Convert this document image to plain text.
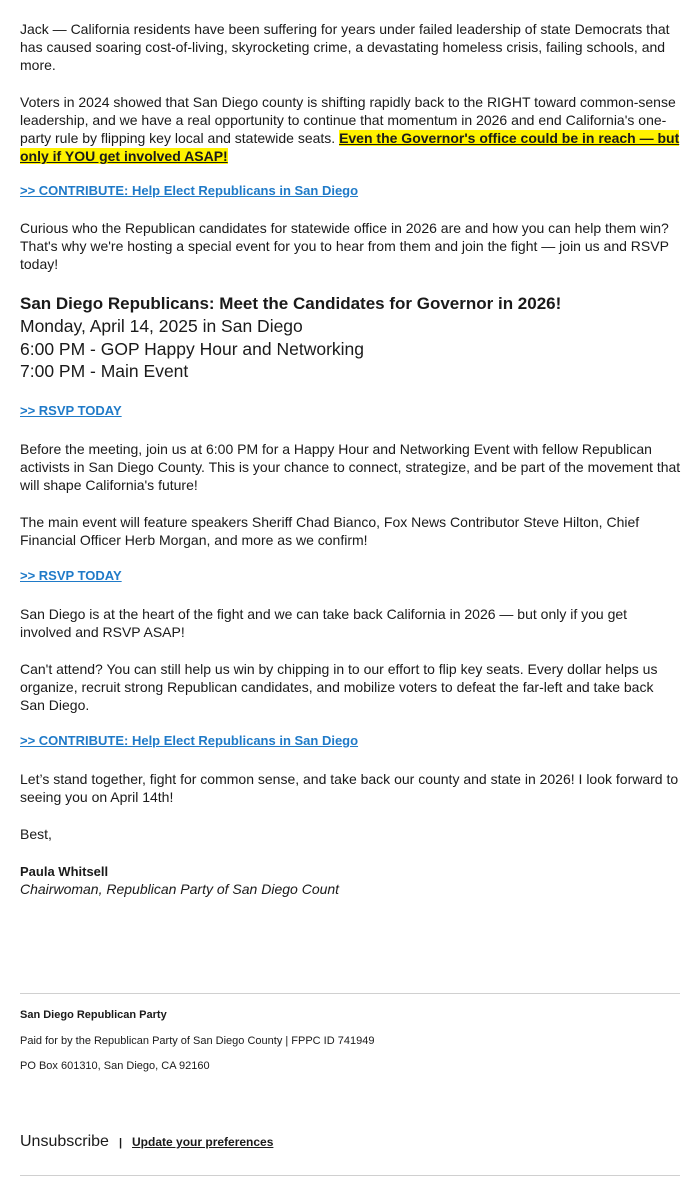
Jack — California residents have been suffering for years under failed leadership of state Democrats that has caused soaring cost-of-living, skyrocketing crime, a devastating homeless crisis, failing schools, and more.

Voters in 2024 showed that San Diego county is shifting rapidly back to the RIGHT toward common-sense leadership, and we have a real opportunity to continue that momentum in 2026 and end California's one-party rule by flipping key local and statewide seats. Even the Governor's office could be in reach — but only if YOU get involved ASAP!

>> CONTRIBUTE: Help Elect Republicans in San Diego

Curious who the Republican candidates for statewide office in 2026 are and how you can help them win? That's why we're hosting a special event for you to hear from them and join the fight — join us and RSVP today!

San Diego Republicans: Meet the Candidates for Governor in 2026!

Monday, April 14, 2025 in San Diego

6:00 PM - GOP Happy Hour and Networking

7:00 PM - Main Event

>> RSVP TODAY

Before the meeting, join us at 6:00 PM for a Happy Hour and Networking Event with fellow Republican activists in San Diego County. This is your chance to connect, strategize, and be part of the movement that will shape California's future!

The main event will feature speakers Sheriff Chad Bianco, Fox News Contributor Steve Hilton, Chief Financial Officer Herb Morgan, and more as we confirm!

>> RSVP TODAY

San Diego is at the heart of the fight and we can take back California in 2026 — but only if you get involved and RSVP ASAP!

Can't attend? You can still help us win by chipping in to our effort to flip key seats. Every dollar helps us organize, recruit strong Republican candidates, and mobilize voters to defeat the far-left and take back San Diego.

>> CONTRIBUTE: Help Elect Republicans in San Diego

Let’s stand together, fight for common sense, and take back our county and state in 2026! I look forward to seeing you on April 14th!

Best,

Paula Whitsell

Chairwoman, Republican Party of San Diego Count

San Diego Republican Party

Paid for by the Republican Party of San Diego County | FPPC ID 741949

PO Box 601310, San Diego, CA 92160

Unsubscribe | Update your preferences
